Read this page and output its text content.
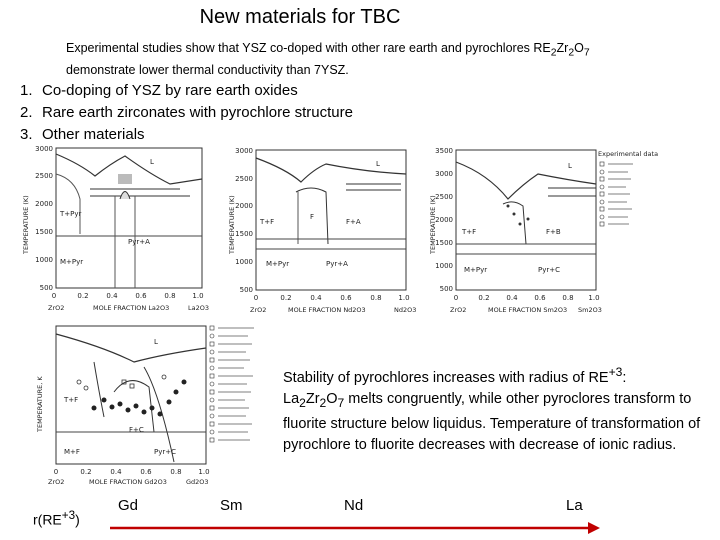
New materials for TBC
Experimental studies show that YSZ co-doped with other rare earth and pyrochlores $RE_2Zr_2O_7$
demonstrate lower thermal conductivity than 7YSZ.
1. Co-doping of YSZ by rare earth oxides
2. Rare earth zirconates with pyrochlore structure
3. Other materials
3000
2500
2000
1500
1000
500
TEMPERATURE (K)	T+Pyr
Pyr+A
M+Pyr
L
0	0.2	0.4	0.6	0.8 1.0
ZrO2	MOLE FRACTION La2O3	La2O3
3000
2500
2000
1500
1000
500
TEMPERATURE (K)	T+F
F
F+A
M+Pyr	Pyr+A
L
0	0.2	0.4	0.6	0.8 1.0
ZrO2	MOLE FRACTION Nd2O3	Nd2O3
3500
3000
2500
2000
1500
1000
500
TEMPERATURE (K)	T+F	F+B
M+Pyr	Pyr+C
L
Experimental data
0	0.2 0.4 0.6 0.8 1.0
ZrO2	MOLE FRACTION Sm2O3 Sm2O3
TEMPERATURE, K	T+F
F+C
M+F	Pyr+C
L
0	0.2	0.4	0.6	0.8 1.0
ZrO2	MOLE FRACTION Gd2O3	Gd2O3
Stability of pyrochlores increases with radius of $RE^{+3}$:
$La_2Zr_2O_7$ melts congruently, while other pyroclores transform to fluorite structure below liquidus. Temperature of transformation of pyrochlore to fluorite decreases with decrease of ionic radius.
$r(RE^{+3})$
Gd	Sm	Nd	La
